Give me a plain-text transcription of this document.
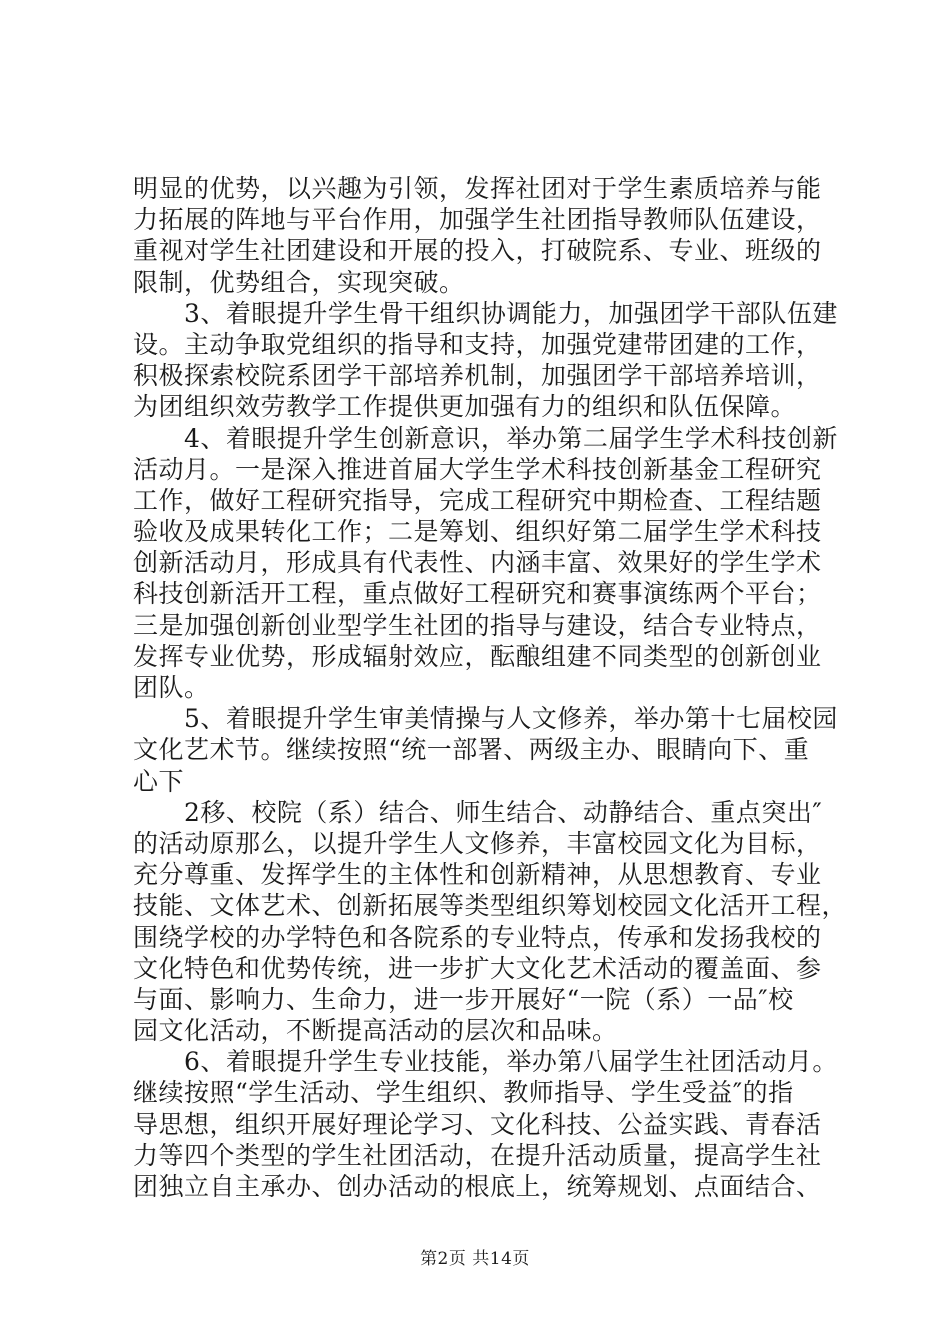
明显的优势，以兴趣为引领，发挥社团对于学生素质培养与能
力拓展的阵地与平台作用，加强学生社团指导教师队伍建设，
重视对学生社团建设和开展的投入，打破院系、专业、班级的
限制，优势组合，实现突破。
　　3、着眼提升学生骨干组织协调能力，加强团学干部队伍建
设。主动争取党组织的指导和支持，加强党建带团建的工作，
积极探索校院系团学干部培养机制，加强团学干部培养培训，
为团组织效劳教学工作提供更加强有力的组织和队伍保障。
　　4、着眼提升学生创新意识，举办第二届学生学术科技创新
活动月。一是深入推进首届大学生学术科技创新基金工程研究
工作，做好工程研究指导，完成工程研究中期检查、工程结题
验收及成果转化工作；二是筹划、组织好第二届学生学术科技
创新活动月，形成具有代表性、内涵丰富、效果好的学生学术
科技创新活开工程，重点做好工程研究和赛事演练两个平台；
三是加强创新创业型学生社团的指导与建设，结合专业特点，
发挥专业优势，形成辐射效应，酝酿组建不同类型的创新创业
团队。
　　5、着眼提升学生审美情操与人文修养，举办第十七届校园
文化艺术节。继续按照“统一部署、两级主办、眼睛向下、重
心下
　　2移、校院（系）结合、师生结合、动静结合、重点突出″
的活动原那么，以提升学生人文修养，丰富校园文化为目标，
充分尊重、发挥学生的主体性和创新精神，从思想教育、专业
技能、文体艺术、创新拓展等类型组织筹划校园文化活开工程，
围绕学校的办学特色和各院系的专业特点，传承和发扬我校的
文化特色和优势传统，进一步扩大文化艺术活动的覆盖面、参
与面、影响力、生命力，进一步开展好“一院（系）一品″校
园文化活动，不断提高活动的层次和品味。
　　6、着眼提升学生专业技能，举办第八届学生社团活动月。
继续按照“学生活动、学生组织、教师指导、学生受益″的指
导思想，组织开展好理论学习、文化科技、公益实践、青春活
力等四个类型的学生社团活动，在提升活动质量，提高学生社
团独立自主承办、创办活动的根底上，统筹规划、点面结合、
第2页 共14页
